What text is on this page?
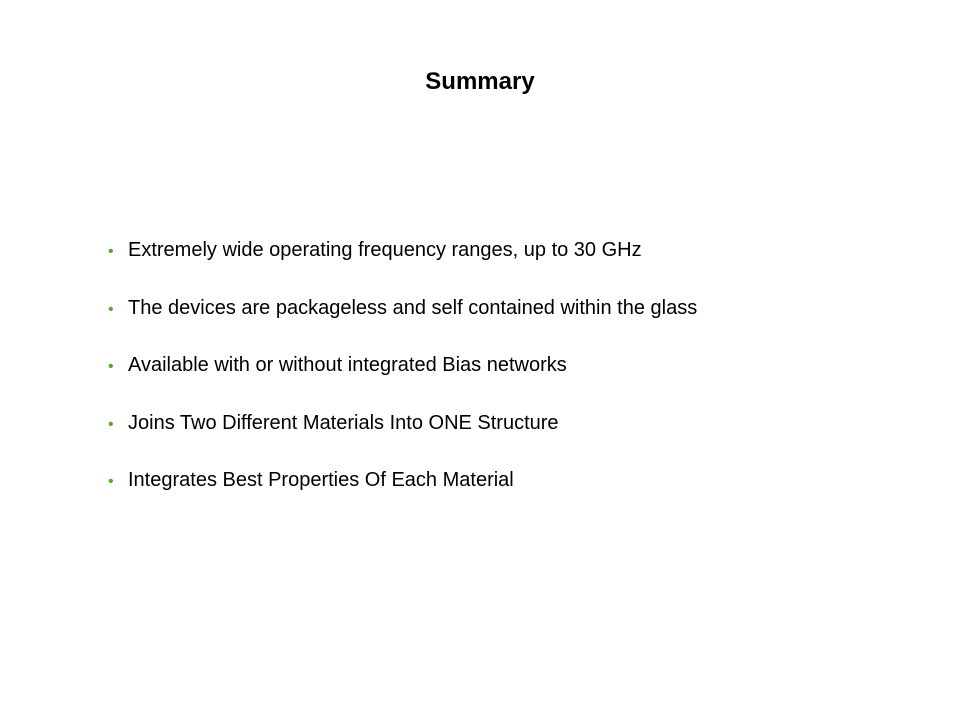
Summary
• Extremely wide operating frequency ranges, up to 30 GHz
• The devices are packageless and self contained within the glass
• Available with or without integrated Bias networks
• Joins Two Different Materials Into ONE Structure
• Integrates Best Properties Of Each Material
